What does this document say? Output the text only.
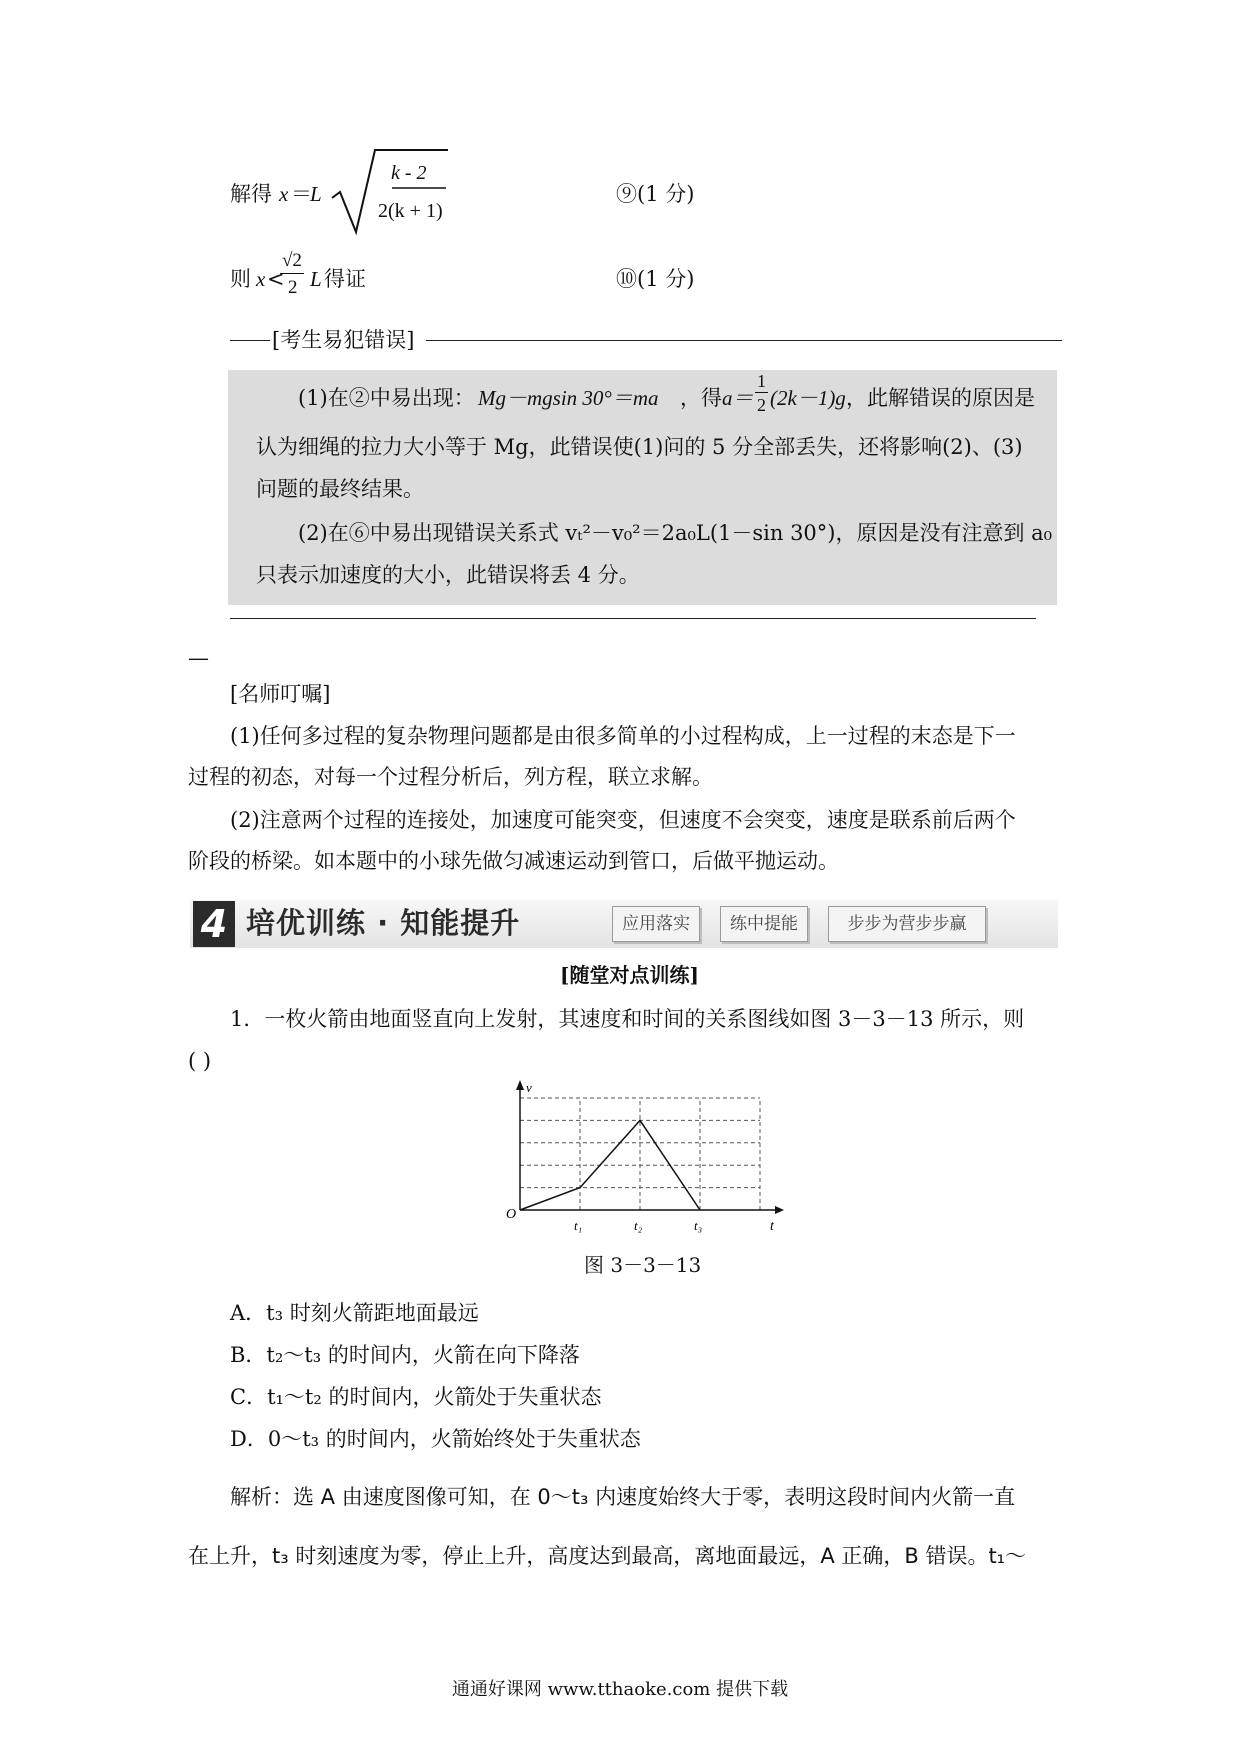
解得 x ＝
L
k - 2
2(k + 1)
⑨(1 分)
则 x <
√2
2 L 得证	⑩(1 分)
[考生易犯错误]
(1)在②中易出现： Mg－mgsin 30°＝ma ，得 a＝
1
2 (2k－1)g ，此解错误的原因是
认为细绳的拉力大小等于 Mg，此错误使(1)问的 5 分全部丢失，还将影响(2)、(3)
问题的最终结果。
(2)在⑥中易出现错误关系式 vₜ²－v₀²＝2a₀L(1－sin 30°)，原因是没有注意到 a₀
只表示加速度的大小，此错误将丢 4 分。
—
[名师叮嘱]
(1)任何多过程的复杂物理问题都是由很多简单的小过程构成，上一过程的末态是下一
过程的初态，对每一个过程分析后，列方程，联立求解。
(2)注意两个过程的连接处，加速度可能突变，但速度不会突变，速度是联系前后两个
阶段的桥梁。如本题中的小球先做匀减速运动到管口，后做平抛运动。
4 培优训练 · 知能提升	应用落实	练中提能	步步为营步步赢
[随堂对点训练]
1．一枚火箭由地面竖直向上发射，其速度和时间的关系图线如图 3－3－13 所示，则
( )
O
v
t
t₁	t₂	t₃
图 3－3－13
A．t₃ 时刻火箭距地面最远
B．t₂～t₃ 的时间内，火箭在向下降落
C．t₁～t₂ 的时间内，火箭处于失重状态
D．0～t₃ 的时间内，火箭始终处于失重状态
解析：选 A 由速度图像可知，在 0～t₃ 内速度始终大于零，表明这段时间内火箭一直
在上升，t₃ 时刻速度为零，停止上升，高度达到最高，离地面最远，A 正确，B 错误。t₁～
通通好课网 www.tthaoke.com 提供下载
